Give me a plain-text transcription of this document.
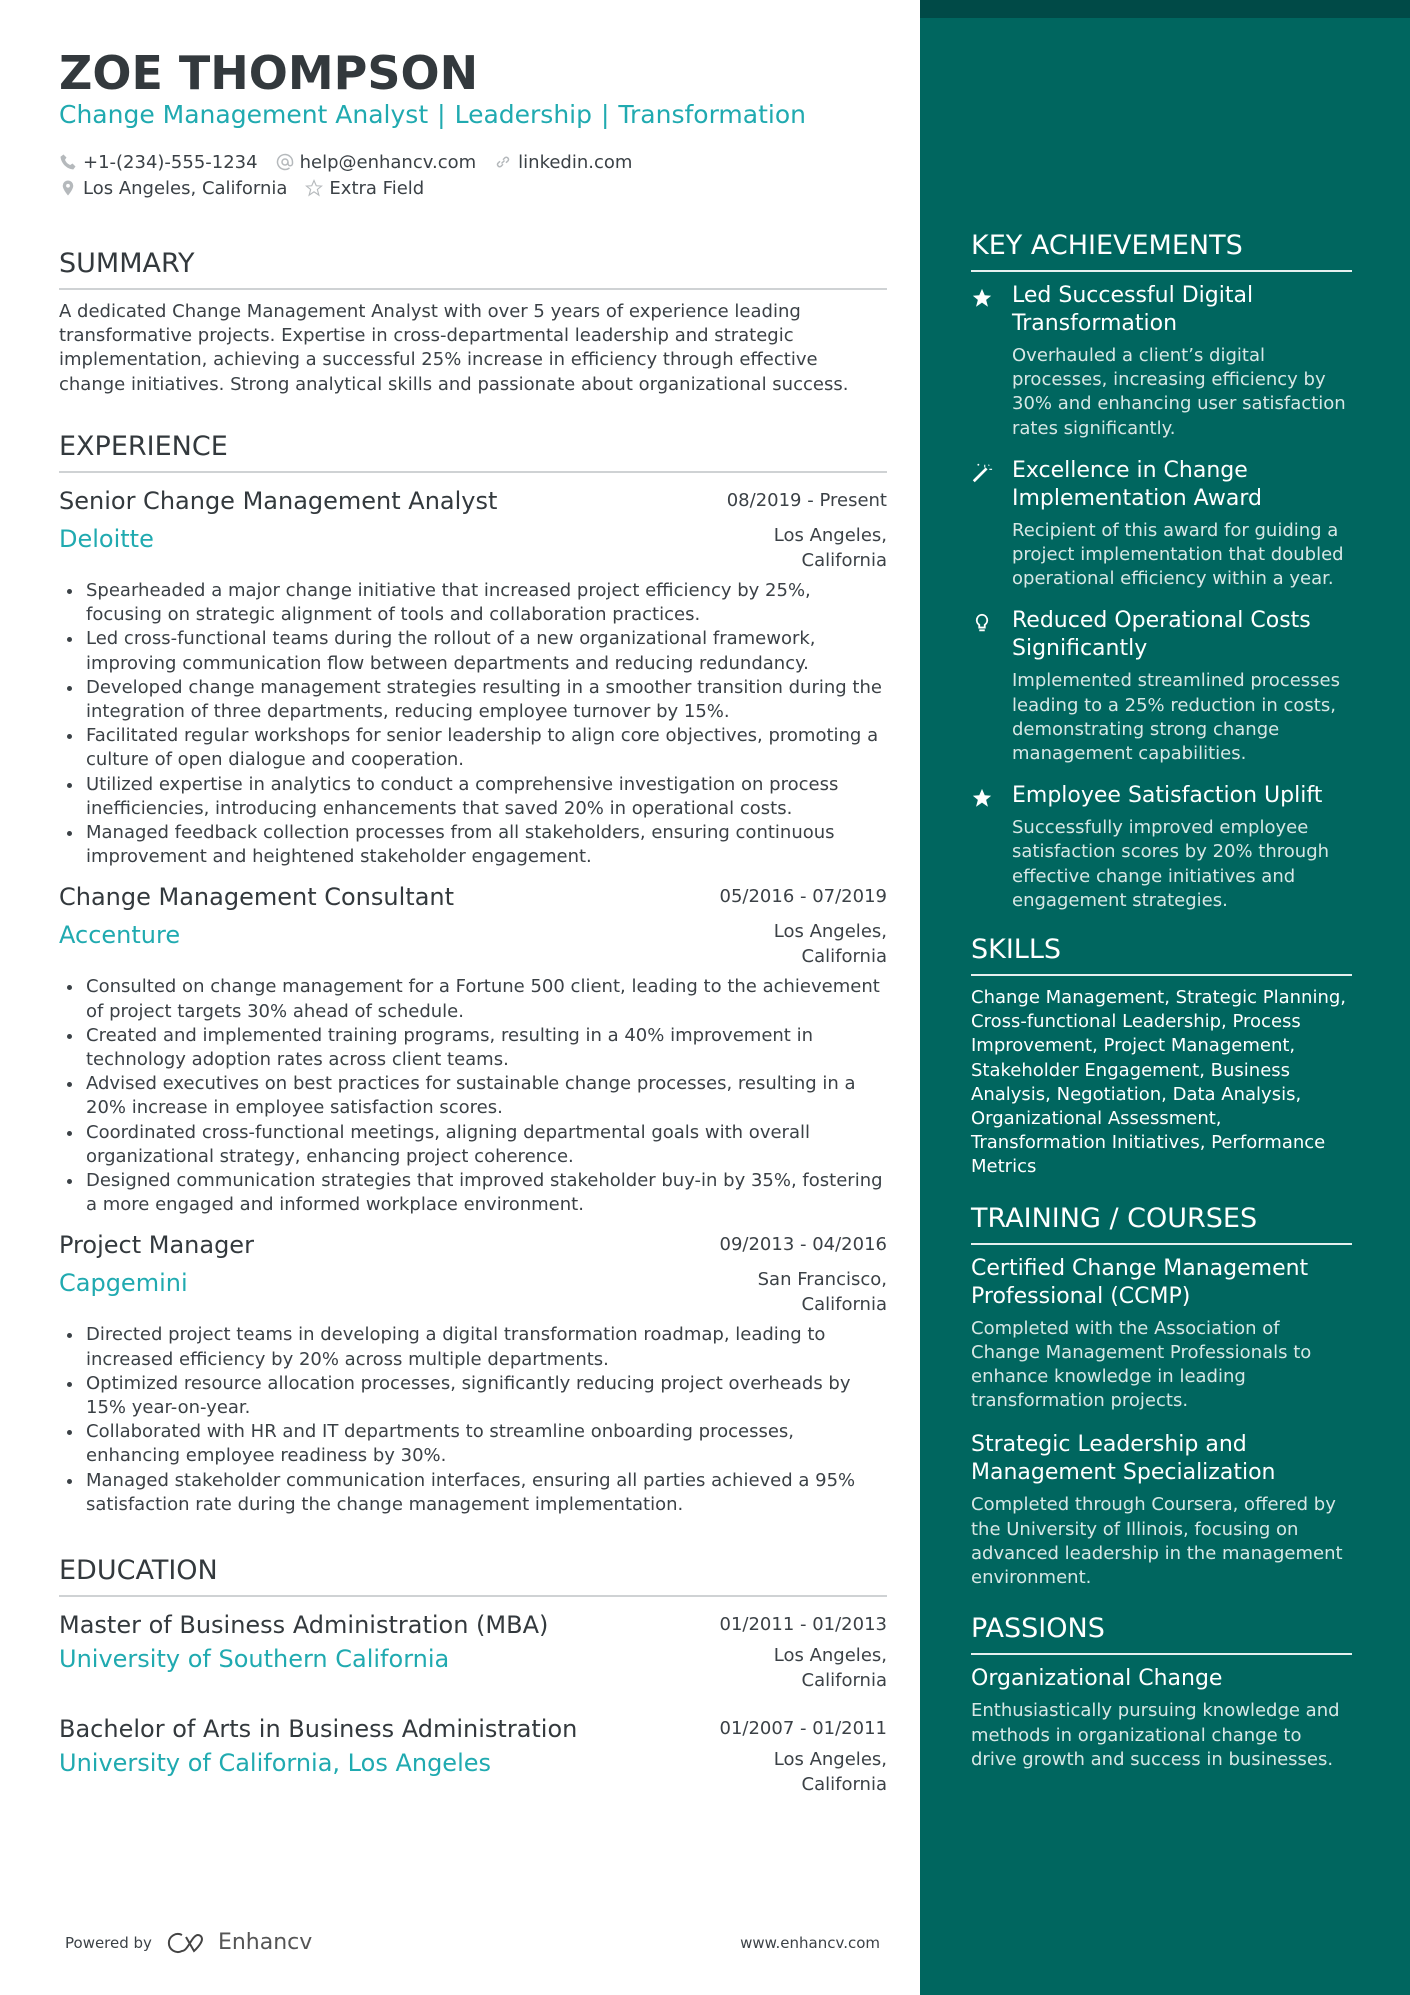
ZOE THOMPSON
Change Management Analyst | Leadership | Transformation
+1-(234)-555-1234 help@enhancv.com linkedin.com
Los Angeles, California Extra Field
SUMMARY
A dedicated Change Management Analyst with over 5 years of experience leading transformative projects. Expertise in cross-departmental leadership and strategic implementation, achieving a successful 25% increase in efficiency through effective change initiatives. Strong analytical skills and passionate about organizational success.
EXPERIENCE
Senior Change Management Analyst	08/2019 - Present
Deloitte	Los Angeles, California
Spearheaded a major change initiative that increased project efficiency by 25%, focusing on strategic alignment of tools and collaboration practices.
Led cross-functional teams during the rollout of a new organizational framework, improving communication flow between departments and reducing redundancy.
Developed change management strategies resulting in a smoother transition during the integration of three departments, reducing employee turnover by 15%.
Facilitated regular workshops for senior leadership to align core objectives, promoting a culture of open dialogue and cooperation.
Utilized expertise in analytics to conduct a comprehensive investigation on process inefficiencies, introducing enhancements that saved 20% in operational costs.
Managed feedback collection processes from all stakeholders, ensuring continuous improvement and heightened stakeholder engagement.
Change Management Consultant	05/2016 - 07/2019
Accenture	Los Angeles, California
Consulted on change management for a Fortune 500 client, leading to the achievement of project targets 30% ahead of schedule.
Created and implemented training programs, resulting in a 40% improvement in technology adoption rates across client teams.
Advised executives on best practices for sustainable change processes, resulting in a 20% increase in employee satisfaction scores.
Coordinated cross-functional meetings, aligning departmental goals with overall organizational strategy, enhancing project coherence.
Designed communication strategies that improved stakeholder buy-in by 35%, fostering a more engaged and informed workplace environment.
Project Manager	09/2013 - 04/2016
Capgemini	San Francisco, California
Directed project teams in developing a digital transformation roadmap, leading to increased efficiency by 20% across multiple departments.
Optimized resource allocation processes, significantly reducing project overheads by 15% year-on-year.
Collaborated with HR and IT departments to streamline onboarding processes, enhancing employee readiness by 30%.
Managed stakeholder communication interfaces, ensuring all parties achieved a 95% satisfaction rate during the change management implementation.
EDUCATION
Master of Business Administration (MBA)	01/2011 - 01/2013
University of Southern California	Los Angeles, California
Bachelor of Arts in Business Administration	01/2007 - 01/2011
University of California, Los Angeles	Los Angeles, California
KEY ACHIEVEMENTS
Led Successful Digital Transformation
Overhauled a client’s digital processes, increasing efficiency by 30% and enhancing user satisfaction rates significantly.
Excellence in Change Implementation Award
Recipient of this award for guiding a project implementation that doubled operational efficiency within a year.
Reduced Operational Costs Significantly
Implemented streamlined processes leading to a 25% reduction in costs, demonstrating strong change management capabilities.
Employee Satisfaction Uplift
Successfully improved employee satisfaction scores by 20% through effective change initiatives and engagement strategies.
SKILLS
Change Management, Strategic Planning, Cross-functional Leadership, Process Improvement, Project Management, Stakeholder Engagement, Business Analysis, Negotiation, Data Analysis, Organizational Assessment, Transformation Initiatives, Performance Metrics
TRAINING / COURSES
Certified Change Management Professional (CCMP)
Completed with the Association of Change Management Professionals to enhance knowledge in leading transformation projects.
Strategic Leadership and Management Specialization
Completed through Coursera, offered by the University of Illinois, focusing on advanced leadership in the management environment.
PASSIONS
Organizational Change
Enthusiastically pursuing knowledge and methods in organizational change to drive growth and success in businesses.
Powered by	Enhancv	www.enhancv.com
